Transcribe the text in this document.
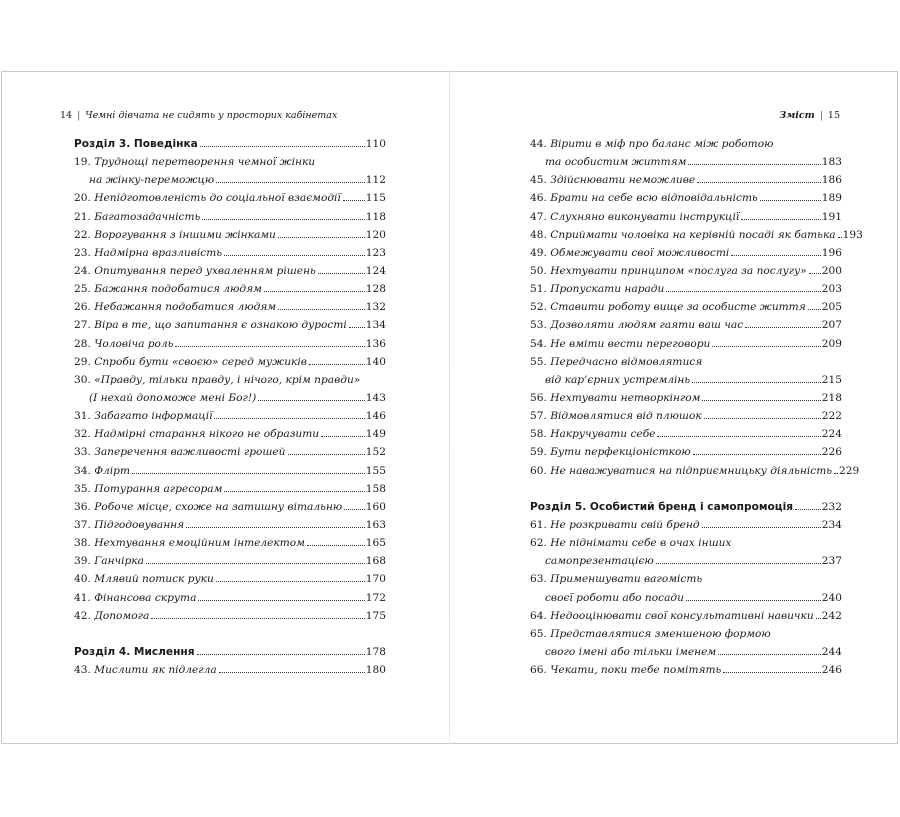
14 | Чемні дівчата не сидять у просторих кабінетах	Зміст | 15
Розділ 3. Поведінка	110
19. Труднощі перетворення чемної жінки
на жінку-переможцю	112
20. Непідготовленість до соціальної взаємодії 115
21. Багатозадачність	118
22. Ворогування з іншими жінками	120
23. Надмірна вразливість	123
24. Опитування перед ухваленням рішень	124
25. Бажання подобатися людям	128
26. Небажання подобатися людям	132
27. Віра в те, що запитання є ознакою дурості 134
28. Чоловіча роль	136
29. Спроби бути «своєю» серед мужиків	140
30. «Правду, тільки правду, і нічого, крім правди»
(І нехай допоможе мені Бог!)	143
31. Забагато інформації	146
32. Надмірні старання нікого не образити	149
33. Заперечення важливості грошей	152
34. Флірт	155
35. Потурання агресорам	158
36. Робоче місце, схоже на затишну вітальню 160
37. Підгодовування	163
38. Нехтування емоційним інтелектом	165
39. Ганчірка	168
40. Млявий потиск руки	170
41. Фінансова скрута	172
42. Допомога	175
Розділ 4. Мислення	178
43. Мислити як підлегла	180
44. Вірити в міф про баланс між роботою
та особистим життям	183
45. Здійснювати неможливе	186
46. Брати на себе всю відповідальність	189
47. Слухняно виконувати інструкції	191
48. Сприймати чоловіка на керівній посаді як батька 193
49. Обмежувати свої можливості	196
50. Нехтувати принципом «послуга за послугу» 200
51. Пропускати наради	203
52. Ставити роботу вище за особисте життя 205
53. Дозволяти людям гаяти ваш час	207
54. Не вміти вести переговори	209
55. Передчасно відмовлятися
від кар’єрних устремлінь	215
56. Нехтувати нетворкінгом	218
57. Відмовлятися від плюшок	222
58. Накручувати себе	224
59. Бути перфекціоністкою	226
60. Не наважуватися на підприємницьку діяльність 229
Розділ 5. Особистий бренд і самопромоція	232
61. Не розкривати свій бренд	234
62. Не піднімати себе в очах інших
самопрезентацією	237
63. Применшувати вагомість
своєї роботи або посади	240
64. Недооцінювати свої консультативні навички 242
65. Представлятися зменшеною формою
свого імені або тільки іменем	244
66. Чекати, поки тебе помітять	246
